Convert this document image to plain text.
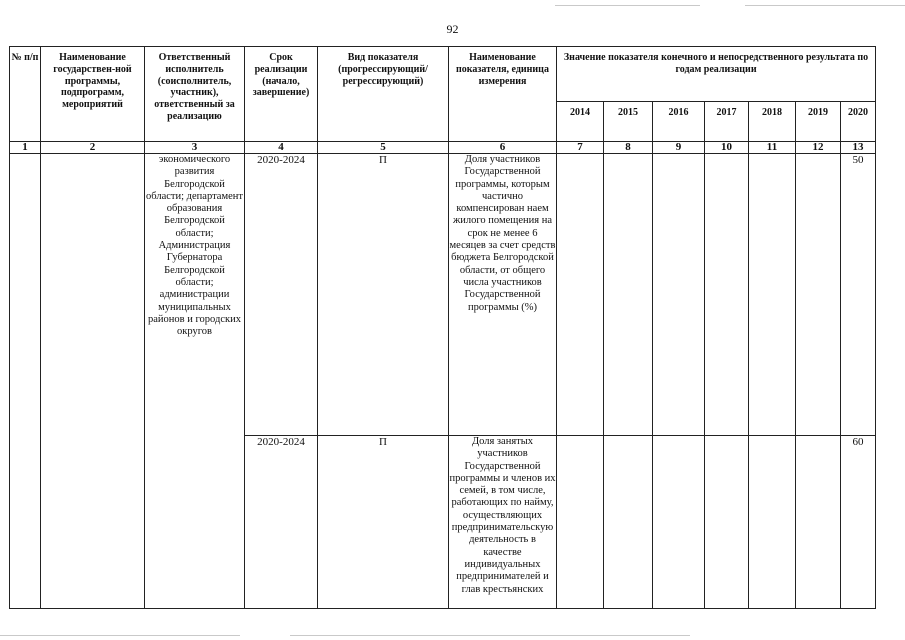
92
№ п/п	Наименование государствен-ной программы, подпрограмм, мероприятий	Ответственный исполнитель (соисполнитель, участник), ответственный за реализацию	Срок реализации (начало, завершение)	Вид показателя (прогрессирующий/ регрессирующий)	Наименование показателя, единица измерения	Значение показателя конечного и непосредственного результата по годам реализации						
						2014	2015	2016	2017	2018	2019	2020
1	2	3	4	5	6	7	8	9	10	11	12	13
		экономического развития Белгородской области; департамент образования Белгородской области; Администрация Губернатора Белгородской области; администрации муниципальных районов и городских округов	2020-2024	П	Доля участников Государственной программы, которым частично компенсирован наем жилого помещения на срок не менее 6 месяцев за счет средств бюджета Белгородской области, от общего числа участников Государственной программы (%)							50
			2020-2024	П	Доля занятых участников Государственной программы и членов их семей, в том числе, работающих по найму, осуществляющих предпринимательскую деятельность в качестве индивидуальных предпринимателей и глав крестьянских							60
